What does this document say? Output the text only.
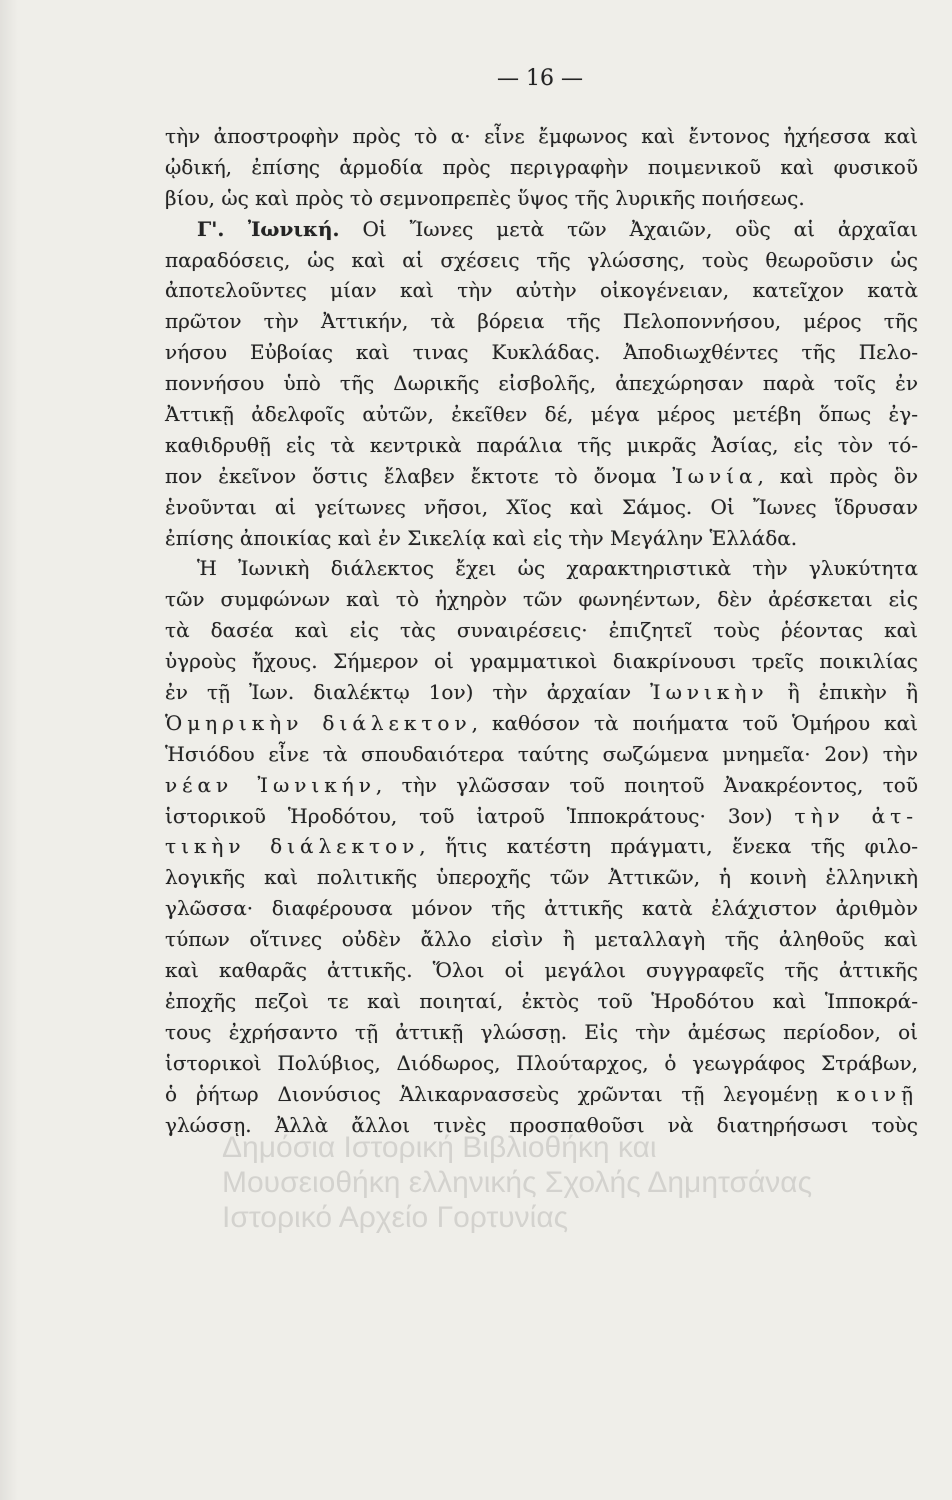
— 16 —
Δημόσια Ιστορική Βιβλιοθήκη και
Μουσειοθήκη ελληνικής Σχολής Δημητσάνας
Ιστορικό Αρχείο Γορτυνίας
τὴν ἀποστροφὴν πρὸς τὸ α· εἶνε ἔμφωνος καὶ ἔντονος ἠχήεσσα καὶ
ᾠδική, ἐπίσης ἁρμοδία πρὸς περιγραφὴν ποιμενικοῦ καὶ φυσικοῦ
βίου, ὡς καὶ πρὸς τὸ σεμνοπρεπὲς ὕψος τῆς λυρικῆς ποιήσεως.
Γ'. Ἰωνική. Οἱ Ἴωνες μετὰ τῶν Ἀχαιῶν, οὓς αἱ ἀρχαῖαι
παραδόσεις, ὡς καὶ αἱ σχέσεις τῆς γλώσσης, τοὺς θεωροῦσιν ὡς
ἀποτελοῦντες μίαν καὶ τὴν αὐτὴν οἰκογένειαν, κατεῖχον κατὰ
πρῶτον τὴν Ἀττικήν, τὰ βόρεια τῆς Πελοποννήσου, μέρος τῆς
νήσου Εὐβοίας καὶ τινας Κυκλάδας. Ἀποδιωχθέντες τῆς Πελο-
ποννήσου ὑπὸ τῆς Δωρικῆς εἰσβολῆς, ἀπεχώρησαν παρὰ τοῖς ἐν
Ἀττικῇ ἀδελφοῖς αὐτῶν, ἐκεῖθεν δέ, μέγα μέρος μετέβη ὅπως ἐγ-
καθιδρυθῇ εἰς τὰ κεντρικὰ παράλια τῆς μικρᾶς Ἀσίας, εἰς τὸν τό-
πον ἐκεῖνον ὅστις ἔλαβεν ἔκτοτε τὸ ὄνομα Ἰωνία, καὶ πρὸς ὃν
ἑνοῦνται αἱ γείτωνες νῆσοι, Χῖος καὶ Σάμος. Οἱ Ἴωνες ἵδρυσαν
ἐπίσης ἀποικίας καὶ ἐν Σικελίᾳ καὶ εἰς τὴν Μεγάλην Ἑλλάδα.
Ἡ Ἰωνικὴ διάλεκτος ἔχει ὡς χαρακτηριστικὰ τὴν γλυκύτητα
τῶν συμφώνων καὶ τὸ ἠχηρὸν τῶν φωνηέντων, δὲν ἀρέσκεται εἰς
τὰ δασέα καὶ εἰς τὰς συναιρέσεις· ἐπιζητεῖ τοὺς ῥέοντας καὶ
ὑγροὺς ἤχους. Σήμερον οἱ γραμματικοὶ διακρίνουσι τρεῖς ποικιλίας
ἐν τῇ Ἰων. διαλέκτῳ 1ον) τὴν ἀρχαίαν Ἰωνικὴν ἢ ἐπικὴν ἢ
Ὁμηρικὴν διάλεκτον, καθόσον τὰ ποιήματα τοῦ Ὁμήρου καὶ
Ἡσιόδου εἶνε τὰ σπουδαιότερα ταύτης σωζώμενα μνημεῖα· 2ον) τὴν
νέαν Ἰωνικήν, τὴν γλῶσσαν τοῦ ποιητοῦ Ἀνακρέοντος, τοῦ
ἱστορικοῦ Ἡροδότου, τοῦ ἰατροῦ Ἱπποκράτους· 3ον) τὴν ἀτ-
τικὴν διάλεκτον, ἥτις κατέστη πράγματι, ἕνεκα τῆς φιλο-
λογικῆς καὶ πολιτικῆς ὑπεροχῆς τῶν Ἀττικῶν, ἡ κοινὴ ἑλληνικὴ
γλῶσσα· διαφέρουσα μόνον τῆς ἀττικῆς κατὰ ἐλάχιστον ἀριθμὸν
τύπων οἵτινες οὐδὲν ἄλλο εἰσὶν ἢ μεταλλαγὴ τῆς ἀληθοῦς καὶ
καὶ καθαρᾶς ἀττικῆς. Ὅλοι οἱ μεγάλοι συγγραφεῖς τῆς ἀττικῆς
ἐποχῆς πεζοὶ τε καὶ ποιηταί, ἐκτὸς τοῦ Ἡροδότου καὶ Ἱπποκρά-
τους ἐχρήσαντο τῇ ἀττικῇ γλώσσῃ. Εἰς τὴν ἀμέσως περίοδον, οἱ
ἱστορικοὶ Πολύβιος, Διόδωρος, Πλούταρχος, ὁ γεωγράφος Στράβων,
ὁ ῥήτωρ Διονύσιος Ἁλικαρνασσεὺς χρῶνται τῇ λεγομένῃ κοινῇ
γλώσσῃ. Ἀλλὰ ἄλλοι τινὲς προσπαθοῦσι νὰ διατηρήσωσι τοὺς
